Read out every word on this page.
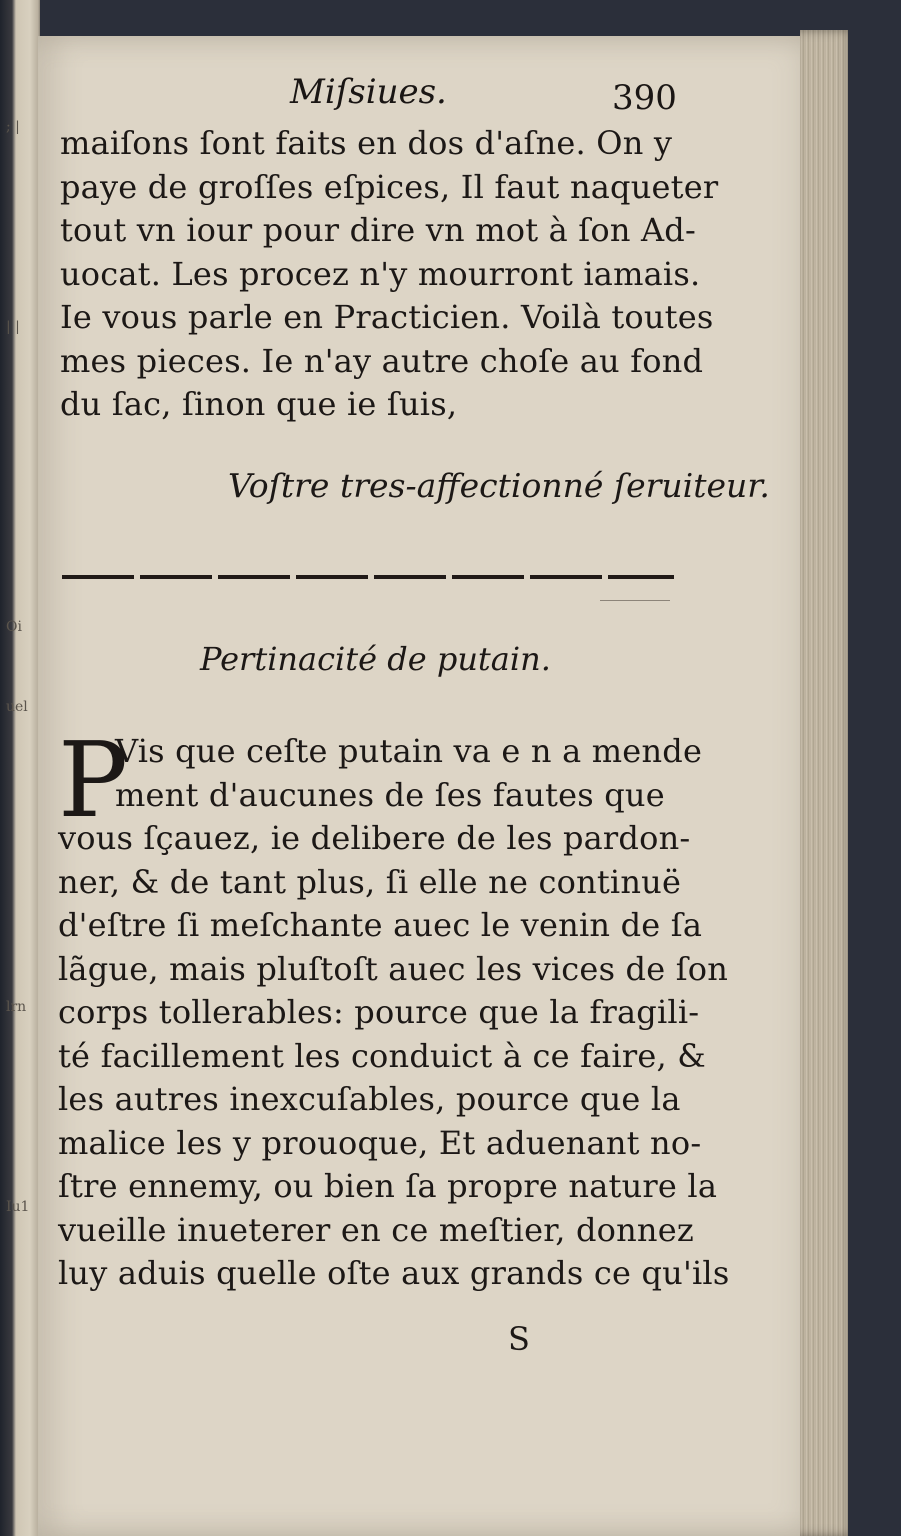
; |
| |
Oi
uel
lrn
Iu1
Miſsiues.	390

maiſons ſont faits en dos d'aſne. On y

paye de groſſes eſpices, Il faut naqueter

tout vn iour pour dire vn mot à ſon Ad-

uocat. Les procez n'y mourront iamais.

Ie vous parle en Practicien. Voilà toutes

mes pieces. Ie n'ay autre choſe au fond

du ſac, ſinon que ie ſuis,

Voſtre tres-affectionné ſeruiteur.
Pertinacité de putain.
P

Vis que ceſte putain va e n a mende

ment d'aucunes de ſes fautes que

vous ſçauez, ie delibere de les pardon-

ner, & de tant plus, ſi elle ne continuë

d'eſtre ſi meſchante auec le venin de ſa

lãgue, mais pluſtoſt auec les vices de ſon

corps tollerables: pource que la fragili-

té facillement les conduict à ce faire, &

les autres inexcuſables, pource que la

malice les y prouoque, Et aduenant no-

ſtre ennemy, ou bien ſa propre nature la

vueille inueterer en ce meſtier, donnez

luy aduis quelle oſte aux grands ce qu'ils

S
